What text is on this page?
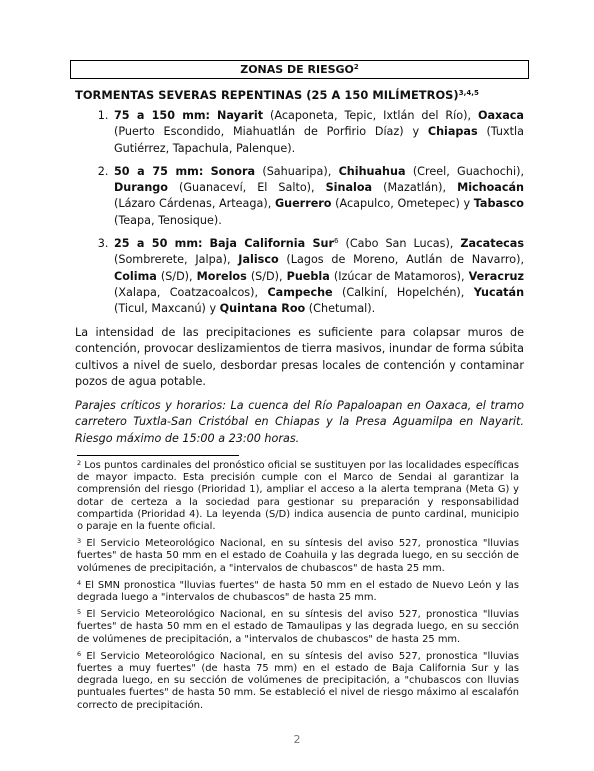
ZONAS DE RIESGO$^2$
TORMENTAS SEVERAS REPENTINAS (25 A 150 MILÍMETROS)$^{3,4,5}$
1. 75 a 150 mm: Nayarit (Acaponeta, Tepic, Ixtlán del Río), Oaxaca (Puerto Escondido, Miahuatlán de Porfirio Díaz) y Chiapas (Tuxtla Gutiérrez, Tapachula, Palenque).
2. 50 a 75 mm: Sonora (Sahuaripa), Chihuahua (Creel, Guachochi), Durango (Guanaceví, El Salto), Sinaloa (Mazatlán), Michoacán (Lázaro Cárdenas, Arteaga), Guerrero (Acapulco, Ometepec) y Tabasco (Teapa, Tenosique).
3. 25 a 50 mm: Baja California Sur$^6$ (Cabo San Lucas), Zacatecas (Sombrerete, Jalpa), Jalisco (Lagos de Moreno, Autlán de Navarro), Colima (S/D), Morelos (S/D), Puebla (Izúcar de Matamoros), Veracruz (Xalapa, Coatzacoalcos), Campeche (Calkiní, Hopelchén), Yucatán (Ticul, Maxcanú) y Quintana Roo (Chetumal).
La intensidad de las precipitaciones es suficiente para colapsar muros de contención, provocar deslizamientos de tierra masivos, inundar de forma súbita cultivos a nivel de suelo, desbordar presas locales de contención y contaminar pozos de agua potable.
Parajes críticos y horarios: La cuenca del Río Papaloapan en Oaxaca, el tramo carretero Tuxtla-San Cristóbal en Chiapas y la Presa Aguamilpa en Nayarit. Riesgo máximo de 15:00 a 23:00 horas.

$^2$ Los puntos cardinales del pronóstico oficial se sustituyen por las localidades específicas de mayor impacto. Esta precisión cumple con el Marco de Sendai al garantizar la comprensión del riesgo (Prioridad 1), ampliar el acceso a la alerta temprana (Meta G) y dotar de certeza a la sociedad para gestionar su preparación y responsabilidad compartida (Prioridad 4). La leyenda (S/D) indica ausencia de punto cardinal, municipio o paraje en la fuente oficial.

$^3$ El Servicio Meteorológico Nacional, en su síntesis del aviso 527, pronostica "lluvias fuertes" de hasta 50 mm en el estado de Coahuila y las degrada luego, en su sección de volúmenes de precipitación, a "intervalos de chubascos" de hasta 25 mm.

$^4$ El SMN pronostica "lluvias fuertes" de hasta 50 mm en el estado de Nuevo León y las degrada luego a "intervalos de chubascos" de hasta 25 mm.

$^5$ El Servicio Meteorológico Nacional, en su síntesis del aviso 527, pronostica "lluvias fuertes" de hasta 50 mm en el estado de Tamaulipas y las degrada luego, en su sección de volúmenes de precipitación, a "intervalos de chubascos" de hasta 25 mm.

$^6$ El Servicio Meteorológico Nacional, en su síntesis del aviso 527, pronostica "lluvias fuertes a muy fuertes" (de hasta 75 mm) en el estado de Baja California Sur y las degrada luego, en su sección de volúmenes de precipitación, a "chubascos con lluvias puntuales fuertes" de hasta 50 mm. Se estableció el nivel de riesgo máximo al escalafón correcto de precipitación.

2
